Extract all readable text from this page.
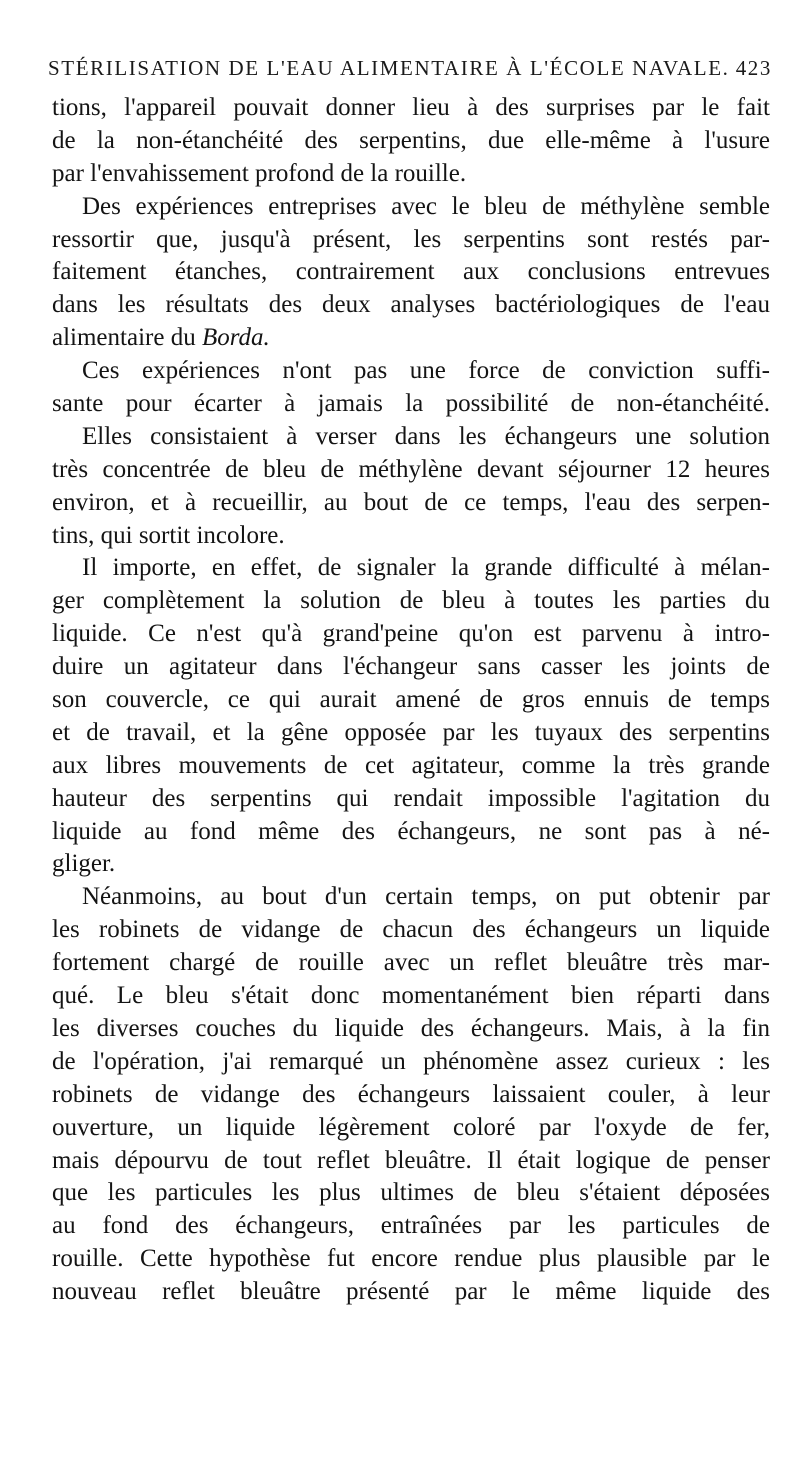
STÉRILISATION DE L'EAU ALIMENTAIRE À L'ÉCOLE NAVALE. 423
tions, l'appareil pouvait donner lieu à des surprises par le fait
de la non-étanchéité des serpentins, due elle-même à l'usure
par l'envahissement profond de la rouille.
Des expériences entreprises avec le bleu de méthylène semble
ressortir que, jusqu'à présent, les serpentins sont restés par-
faitement étanches, contrairement aux conclusions entrevues
dans les résultats des deux analyses bactériologiques de l'eau
alimentaire du Borda.
Ces expériences n'ont pas une force de conviction suffi-
sante pour écarter à jamais la possibilité de non-étanchéité.
Elles consistaient à verser dans les échangeurs une solution
très concentrée de bleu de méthylène devant séjourner 12 heures
environ, et à recueillir, au bout de ce temps, l'eau des serpen-
tins, qui sortit incolore.
Il importe, en effet, de signaler la grande difficulté à mélan-
ger complètement la solution de bleu à toutes les parties du
liquide. Ce n'est qu'à grand'peine qu'on est parvenu à intro-
duire un agitateur dans l'échangeur sans casser les joints de
son couvercle, ce qui aurait amené de gros ennuis de temps
et de travail, et la gêne opposée par les tuyaux des serpentins
aux libres mouvements de cet agitateur, comme la très grande
hauteur des serpentins qui rendait impossible l'agitation du
liquide au fond même des échangeurs, ne sont pas à né-
gliger.
Néanmoins, au bout d'un certain temps, on put obtenir par
les robinets de vidange de chacun des échangeurs un liquide
fortement chargé de rouille avec un reflet bleuâtre très mar-
qué. Le bleu s'était donc momentanément bien réparti dans
les diverses couches du liquide des échangeurs. Mais, à la fin
de l'opération, j'ai remarqué un phénomène assez curieux : les
robinets de vidange des échangeurs laissaient couler, à leur
ouverture, un liquide légèrement coloré par l'oxyde de fer,
mais dépourvu de tout reflet bleuâtre. Il était logique de penser
que les particules les plus ultimes de bleu s'étaient déposées
au fond des échangeurs, entraînées par les particules de
rouille. Cette hypothèse fut encore rendue plus plausible par le
nouveau reflet bleuâtre présenté par le même liquide des
